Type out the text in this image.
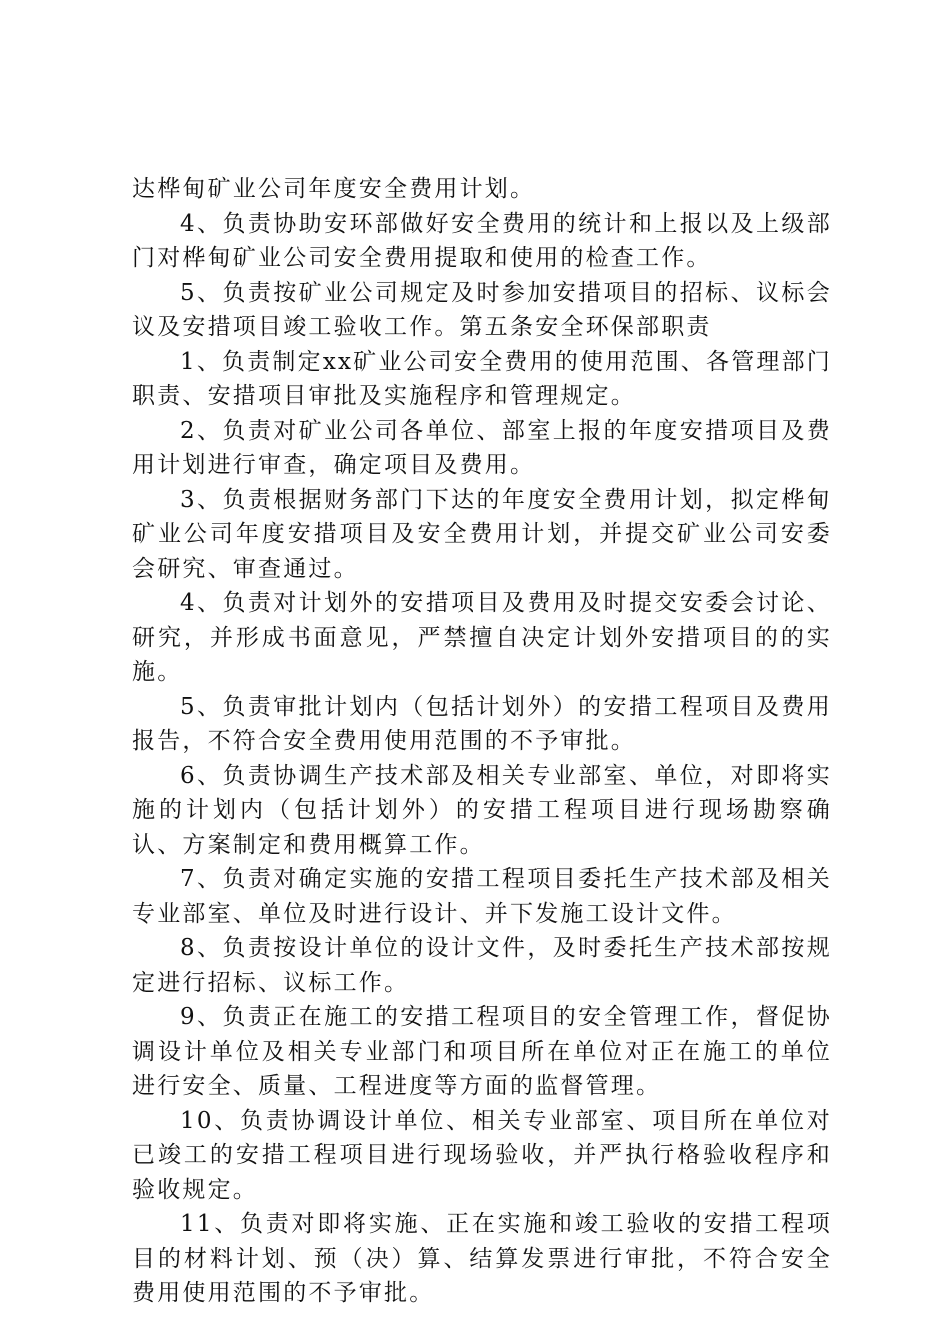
达桦甸矿业公司年度安全费用计划。

4、负责协助安环部做好安全费用的统计和上报以及上级部门对桦甸矿业公司安全费用提取和使用的检查工作。

5、负责按矿业公司规定及时参加安措项目的招标、议标会议及安措项目竣工验收工作。第五条安全环保部职责

1、负责制定xx矿业公司安全费用的使用范围、各管理部门职责、安措项目审批及实施程序和管理规定。

2、负责对矿业公司各单位、部室上报的年度安措项目及费用计划进行审查，确定项目及费用。

3、负责根据财务部门下达的年度安全费用计划，拟定桦甸矿业公司年度安措项目及安全费用计划，并提交矿业公司安委会研究、审查通过。

4、负责对计划外的安措项目及费用及时提交安委会讨论、研究，并形成书面意见，严禁擅自决定计划外安措项目的的实施。

5、负责审批计划内（包括计划外）的安措工程项目及费用报告，不符合安全费用使用范围的不予审批。

6、负责协调生产技术部及相关专业部室、单位，对即将实施的计划内（包括计划外）的安措工程项目进行现场勘察确认、方案制定和费用概算工作。

7、负责对确定实施的安措工程项目委托生产技术部及相关专业部室、单位及时进行设计、并下发施工设计文件。

8、负责按设计单位的设计文件，及时委托生产技术部按规定进行招标、议标工作。

9、负责正在施工的安措工程项目的安全管理工作，督促协调设计单位及相关专业部门和项目所在单位对正在施工的单位进行安全、质量、工程进度等方面的监督管理。

10、负责协调设计单位、相关专业部室、项目所在单位对已竣工的安措工程项目进行现场验收，并严执行格验收程序和验收规定。

11、负责对即将实施、正在实施和竣工验收的安措工程项目的材料计划、预（决）算、结算发票进行审批，不符合安全费用使用范围的不予审批。
